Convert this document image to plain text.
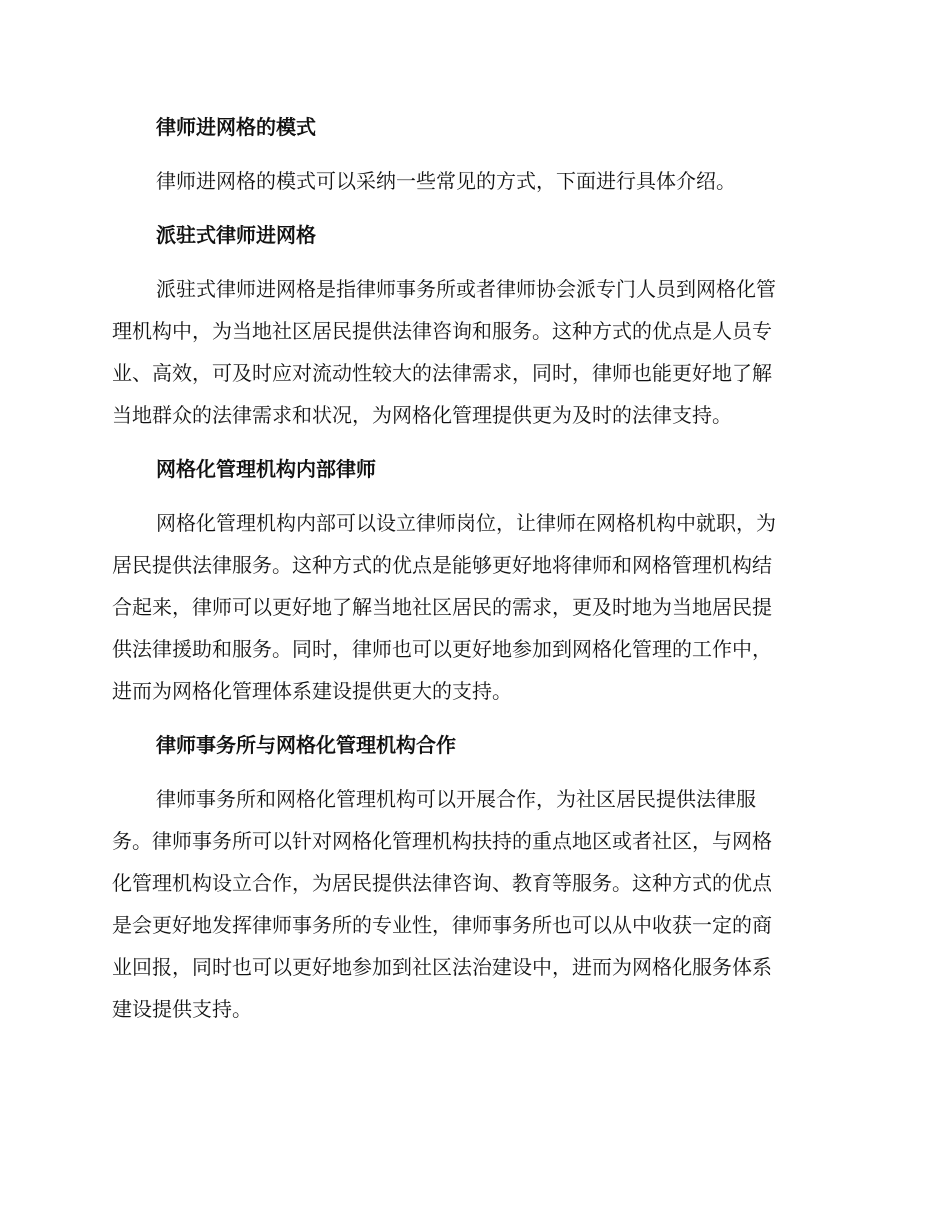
律师进网格的模式
律师进网格的模式可以采纳一些常见的方式，下面进行具体介绍。
派驻式律师进网格
派驻式律师进网格是指律师事务所或者律师协会派专门人员到网格化管
理机构中，为当地社区居民提供法律咨询和服务。这种方式的优点是人员专
业、高效，可及时应对流动性较大的法律需求，同时，律师也能更好地了解
当地群众的法律需求和状况，为网格化管理提供更为及时的法律支持。
网格化管理机构内部律师
网格化管理机构内部可以设立律师岗位，让律师在网格机构中就职，为
居民提供法律服务。这种方式的优点是能够更好地将律师和网格管理机构结
合起来，律师可以更好地了解当地社区居民的需求，更及时地为当地居民提
供法律援助和服务。同时，律师也可以更好地参加到网格化管理的工作中，
进而为网格化管理体系建设提供更大的支持。
律师事务所与网格化管理机构合作
律师事务所和网格化管理机构可以开展合作，为社区居民提供法律服
务。律师事务所可以针对网格化管理机构扶持的重点地区或者社区，与网格
化管理机构设立合作，为居民提供法律咨询、教育等服务。这种方式的优点
是会更好地发挥律师事务所的专业性，律师事务所也可以从中收获一定的商
业回报，同时也可以更好地参加到社区法治建设中，进而为网格化服务体系
建设提供支持。
